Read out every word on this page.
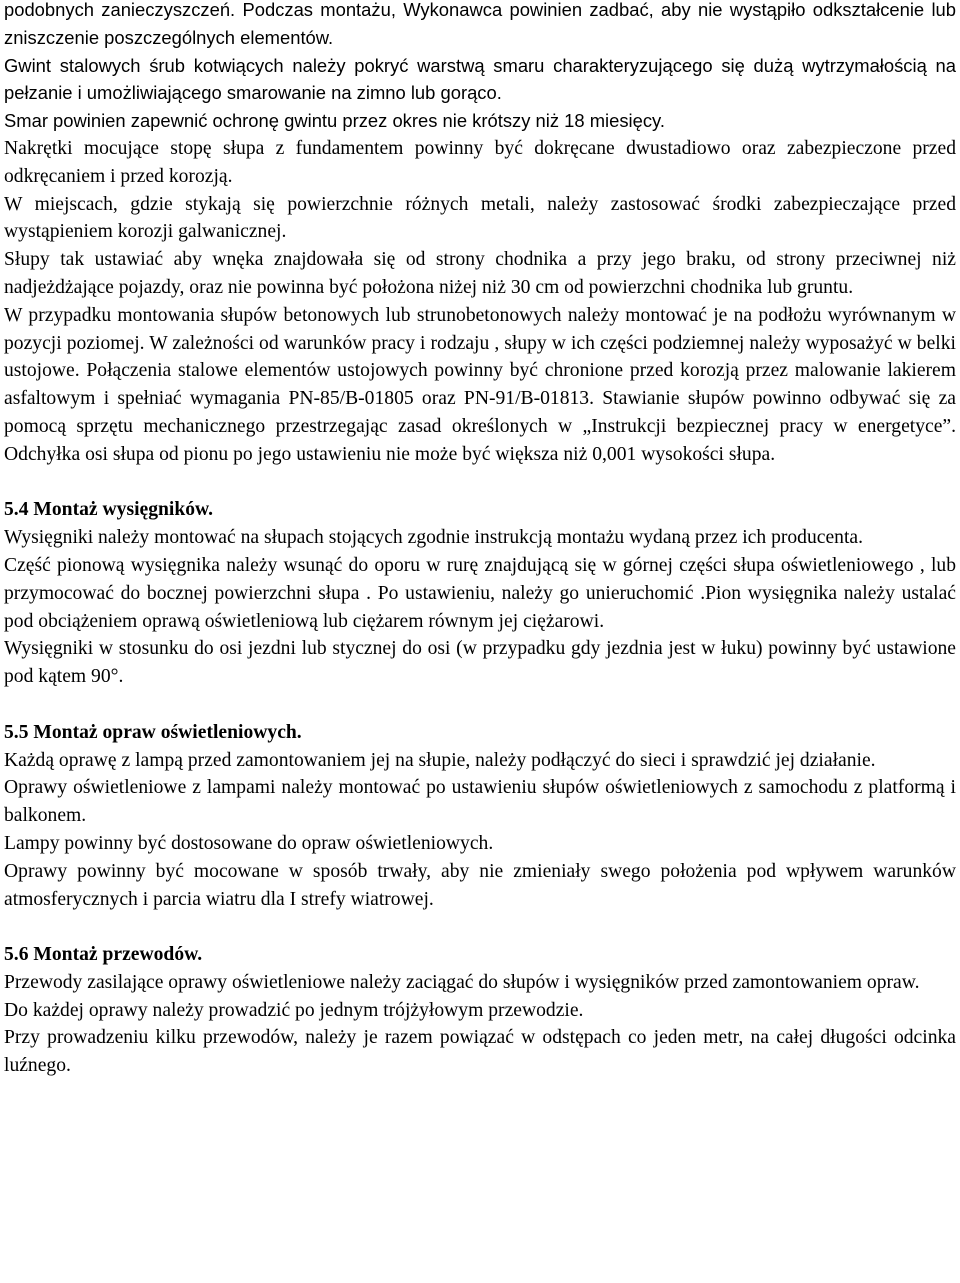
podobnych zanieczyszczeń. Podczas montażu, Wykonawca powinien zadbać, aby nie wystąpiło odkształcenie lub zniszczenie poszczególnych elementów.

Gwint stalowych śrub kotwiących należy pokryć warstwą smaru charakteryzującego się dużą wytrzymałością na pełzanie i umożliwiającego smarowanie na zimno lub gorąco.

Smar powinien zapewnić ochronę gwintu przez okres nie krótszy niż 18 miesięcy.

Nakrętki mocujące stopę słupa z fundamentem powinny być dokręcane dwustadiowo oraz zabezpieczone przed odkręcaniem i przed korozją.

W miejscach, gdzie stykają się powierzchnie różnych metali, należy zastosować środki zabezpieczające przed wystąpieniem korozji galwanicznej.

Słupy tak ustawiać aby wnęka znajdowała się od strony chodnika a przy jego braku, od strony przeciwnej niż nadjeżdżające pojazdy, oraz nie powinna być położona niżej niż 30 cm od powierzchni chodnika lub gruntu.

W przypadku montowania słupów betonowych lub strunobetonowych należy montować je na podłożu wyrównanym w pozycji poziomej. W zależności od warunków pracy i rodzaju , słupy w ich części podziemnej należy wyposażyć w belki ustojowe. Połączenia stalowe elementów ustojowych powinny być chronione przed korozją przez malowanie lakierem asfaltowym i spełniać wymagania PN-85/B-01805 oraz PN-91/B-01813. Stawianie słupów powinno odbywać się za pomocą sprzętu mechanicznego przestrzegając zasad określonych w „Instrukcji bezpiecznej pracy w energetyce”. Odchyłka osi słupa od pionu po jego ustawieniu nie może być większa niż 0,001 wysokości słupa.

5.4 Montaż wysięgników.

Wysięgniki należy montować na słupach stojących zgodnie instrukcją montażu wydaną przez ich producenta.

Część pionową wysięgnika należy wsunąć do oporu w rurę znajdującą się w górnej części słupa oświetleniowego , lub przymocować do bocznej powierzchni słupa . Po ustawieniu, należy go unieruchomić .Pion wysięgnika należy ustalać pod obciążeniem oprawą oświetleniową lub ciężarem równym jej ciężarowi.

Wysięgniki w stosunku do osi jezdni lub stycznej do osi (w przypadku gdy jezdnia jest w łuku) powinny być ustawione pod kątem 90°.

5.5 Montaż opraw oświetleniowych.

Każdą oprawę z lampą przed zamontowaniem jej na słupie, należy podłączyć do sieci i sprawdzić jej działanie.

Oprawy oświetleniowe z lampami należy montować po ustawieniu słupów oświetleniowych z samochodu z platformą i balkonem.

Lampy powinny być dostosowane do opraw oświetleniowych.

Oprawy powinny być mocowane w sposób trwały, aby nie zmieniały swego położenia pod wpływem warunków atmosferycznych i parcia wiatru dla I strefy wiatrowej.

5.6 Montaż przewodów.

Przewody zasilające oprawy oświetleniowe należy zaciągać do słupów i wysięgników przed zamontowaniem opraw.

Do każdej oprawy należy prowadzić po jednym trójżyłowym przewodzie.

Przy prowadzeniu kilku przewodów, należy je razem powiązać w odstępach co jeden metr, na całej długości odcinka luźnego.
